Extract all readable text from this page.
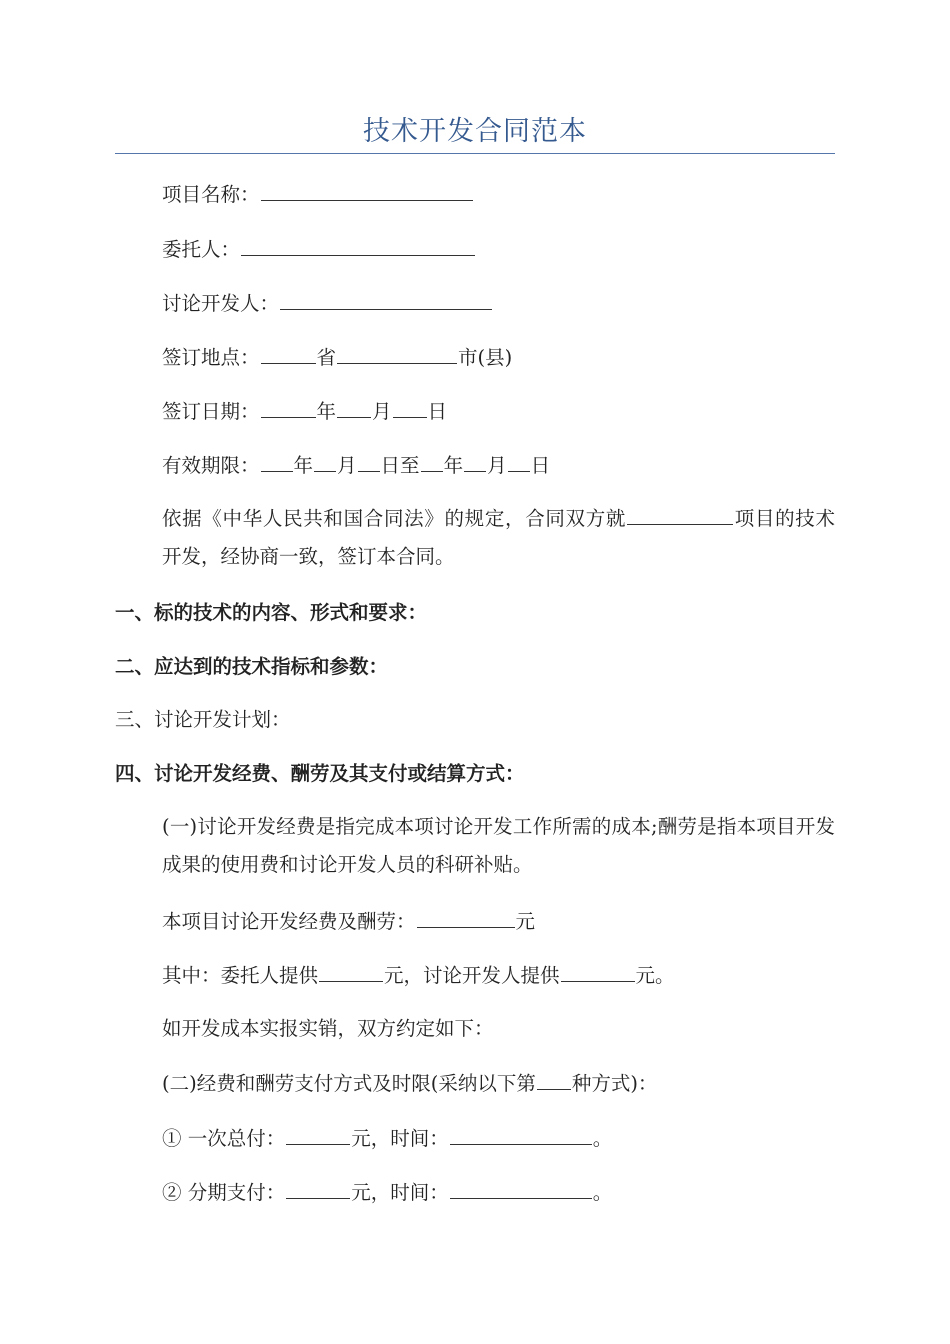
技术开发合同范本
项目名称：
委托人：
讨论开发人：
签订地点：	省	市(县)
签订日期：	年 月 日
有效期限： 年 月 日至 年 月 日
依据《中华人民共和国合同法》的规定，合同双方就	项目的技术开发，经协商一致，签订本合同。
一、标的技术的内容、形式和要求：
二、应达到的技术指标和参数：
三、讨论开发计划：
四、讨论开发经费、酬劳及其支付或结算方式：
(一)讨论开发经费是指完成本项讨论开发工作所需的成本;酬劳是指本项目开发成果的使用费和讨论开发人员的科研补贴。
本项目讨论开发经费及酬劳：	元
其中：委托人提供	元，讨论开发人提供	元。
如开发成本实报实销，双方约定如下：
(二)经费和酬劳支付方式及时限(采纳以下第 种方式)：
① 一次总付：	元，时间：	。
② 分期支付：	元，时间：	。
